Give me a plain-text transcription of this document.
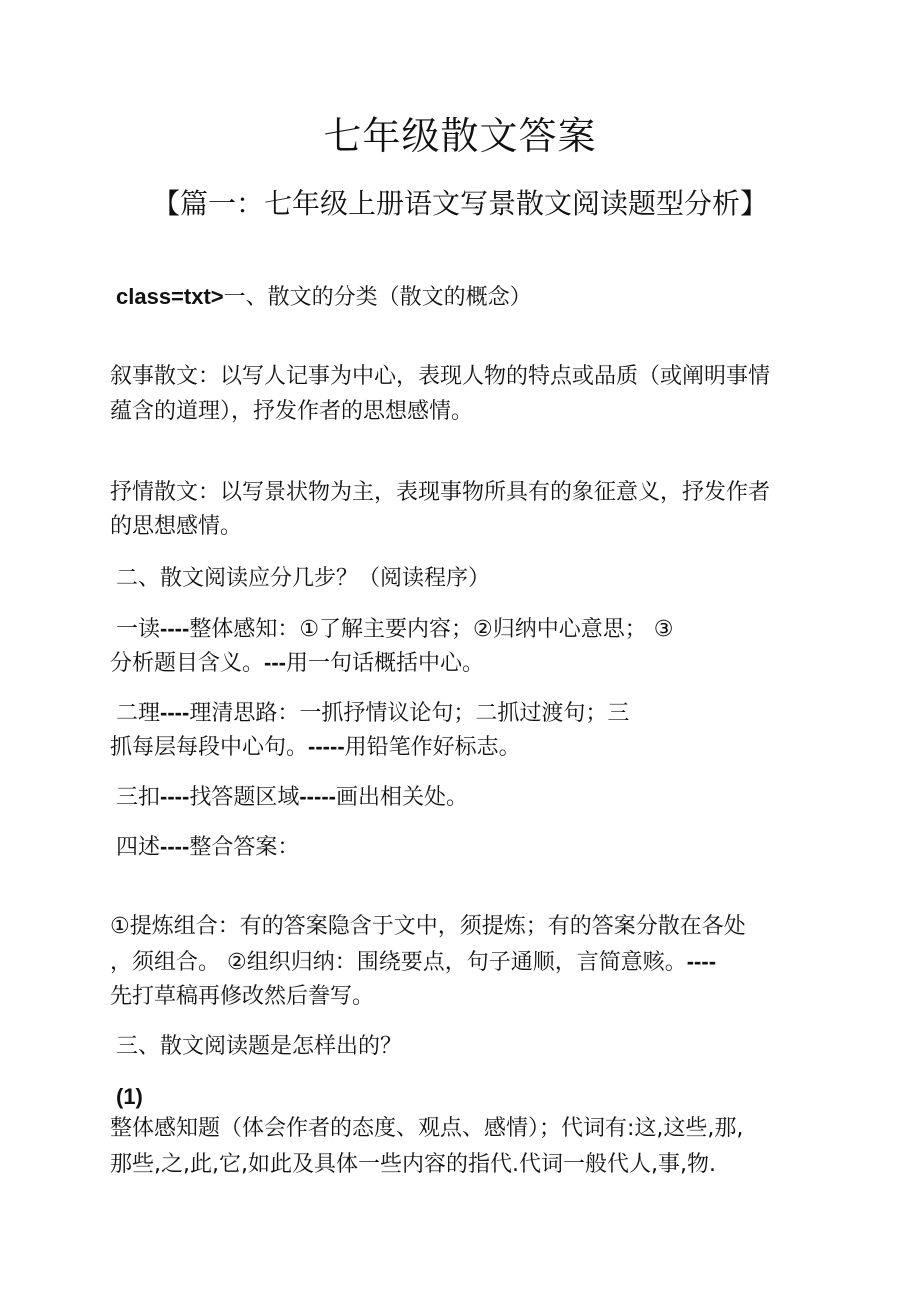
七年级散文答案
【篇一：七年级上册语文写景散文阅读题型分析】
class=txt>一、散文的分类（散文的概念）
叙事散文：以写人记事为中心，表现人物的特点或品质（或阐明事情
蕴含的道理），抒发作者的思想感情。
抒情散文：以写景状物为主，表现事物所具有的象征意义，抒发作者
的思想感情。
二、散文阅读应分几步？（阅读程序）
一读----整体感知：①了解主要内容；②归纳中心意思； ③
分析题目含义。---用一句话概括中心。
二理----理清思路：一抓抒情议论句；二抓过渡句；三
抓每层每段中心句。-----用铅笔作好标志。
三扣----找答题区域-----画出相关处。
四述----整合答案：
①提炼组合：有的答案隐含于文中，须提炼；有的答案分散在各处
，须组合。 ②组织归纳：围绕要点，句子通顺，言简意赅。----
先打草稿再修改然后誊写。
三、散文阅读题是怎样出的？
(1)
整体感知题（体会作者的态度、观点、感情）；代词有:这,这些,那,
那些,之,此,它,如此及具体一些内容的指代.代词一般代人,事,物.
